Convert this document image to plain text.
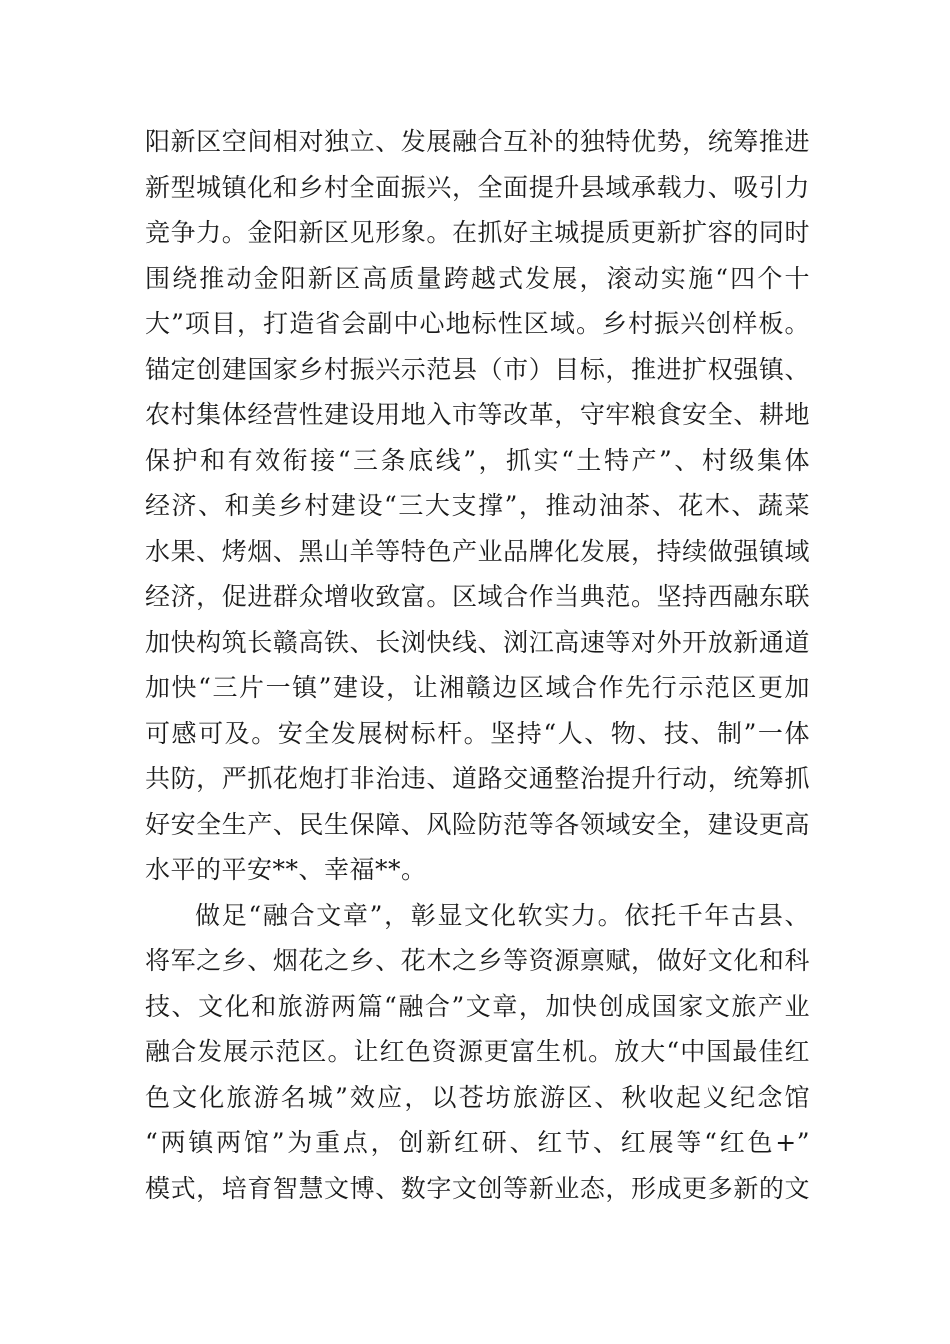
阳新区空间相对独立、发展融合互补的独特优势，统筹推进
新型城镇化和乡村全面振兴，全面提升县域承载力、吸引力
竞争力。金阳新区见形象。在抓好主城提质更新扩容的同时
围绕推动金阳新区高质量跨越式发展，滚动实施“四个十
大”项目，打造省会副中心地标性区域。乡村振兴创样板。
锚定创建国家乡村振兴示范县（市）目标，推进扩权强镇、
农村集体经营性建设用地入市等改革，守牢粮食安全、耕地
保护和有效衔接“三条底线”，抓实“土特产”、村级集体
经济、和美乡村建设“三大支撑”，推动油茶、花木、蔬菜
水果、烤烟、黑山羊等特色产业品牌化发展，持续做强镇域
经济，促进群众增收致富。区域合作当典范。坚持西融东联
加快构筑长赣高铁、长浏快线、浏江高速等对外开放新通道
加快“三片一镇”建设，让湘赣边区域合作先行示范区更加
可感可及。安全发展树标杆。坚持“人、物、技、制”一体
共防，严抓花炮打非治违、道路交通整治提升行动，统筹抓
好安全生产、民生保障、风险防范等各领域安全，建设更高
水平的平安**、幸福**。
做足“融合文章”，彰显文化软实力。依托千年古县、
将军之乡、烟花之乡、花木之乡等资源禀赋，做好文化和科
技、文化和旅游两篇“融合”文章，加快创成国家文旅产业
融合发展示范区。让红色资源更富生机。放大“中国最佳红
色文化旅游名城”效应，以苍坊旅游区、秋收起义纪念馆
“两镇两馆”为重点，创新红研、红节、红展等“红色+”
模式，培育智慧文博、数字文创等新业态，形成更多新的文
